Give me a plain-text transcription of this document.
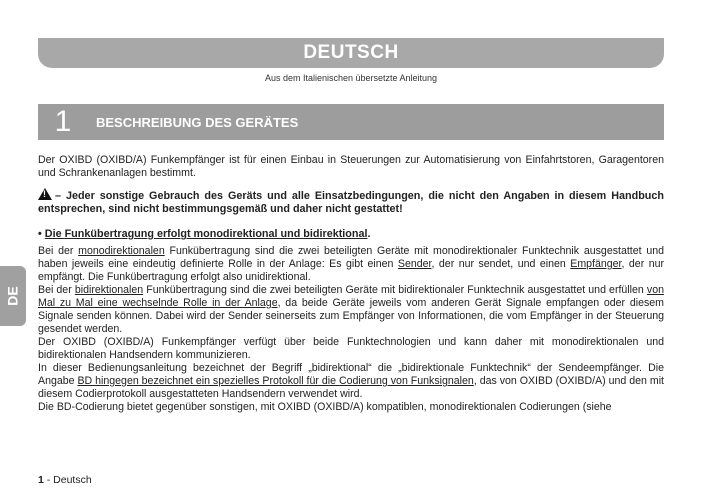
DEUTSCH
Aus dem Italienischen übersetzte Anleitung
1	BESCHREIBUNG DES GERÄTES
DE

Der OXIBD (OXIBD/A) Funkempfänger ist für einen Einbau in Steuerungen zur Automatisierung von Einfahrtstoren, Garagentoren und Schrankenanlagen bestimmt.

!– Jeder sonstige Gebrauch des Geräts und alle Einsatzbedingungen, die nicht den Angaben in diesem Handbuch entsprechen, sind nicht bestimmungsgemäß und daher nicht gestattet!

• Die Funkübertragung erfolgt monodirektional und bidirektional.

Bei der monodirektionalen Funkübertragung sind die zwei beteiligten Geräte mit monodirektionaler Funktechnik ausgestattet und haben jeweils eine eindeutig definierte Rolle in der Anlage: Es gibt einen Sender, der nur sendet, und einen Empfänger, der nur empfängt. Die Funkübertragung erfolgt also unidirektional.

Bei der bidirektionalen Funkübertragung sind die zwei beteiligten Geräte mit bidirektionaler Funktechnik ausgestattet und erfüllen von Mal zu Mal eine wechselnde Rolle in der Anlage, da beide Geräte jeweils vom anderen Gerät Signale empfangen oder diesem Signale senden können. Dabei wird der Sender seinerseits zum Empfänger von Informationen, die vom Empfänger in der Steuerung gesendet werden.

Der OXIBD (OXIBD/A) Funkempfänger verfügt über beide Funktechnologien und kann daher mit monodirektionalen und bidirektionalen Handsendern kommunizieren.

In dieser Bedienungsanleitung bezeichnet der Begriff „bidirektional“ die „bidirektionale Funktechnik“ der Sendeempfänger. Die Angabe BD hingegen bezeichnet ein spezielles Protokoll für die Codierung von Funksignalen, das von OXIBD (OXIBD/A) und den mit diesem Codierprotokoll ausgestatteten Handsendern verwendet wird.

Die BD-Codierung bietet gegenüber sonstigen, mit OXIBD (OXIBD/A) kompatiblen, monodirektionalen Codierungen (siehe

1 - Deutsch
